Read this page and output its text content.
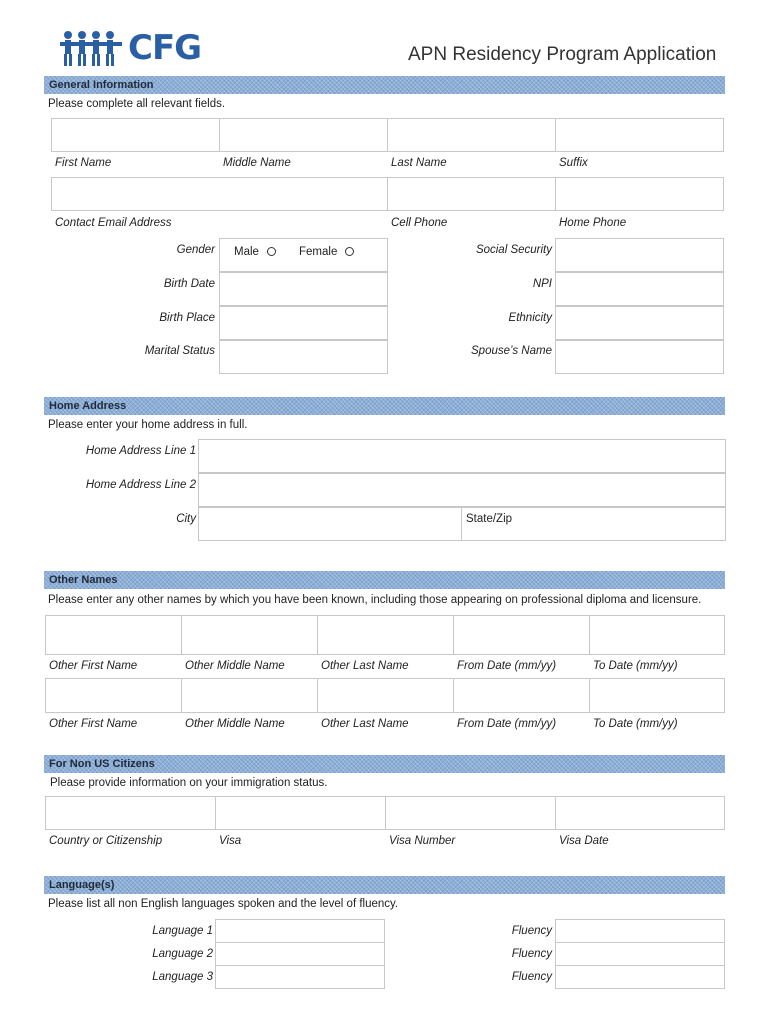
CFG	APN Residency Program Application
General Information
Please complete all relevant fields.
First Name	Middle Name	Last Name	Suffix
Contact Email Address	Cell Phone	Home Phone
Gender Male	Female	Social Security
Birth Date	NPI
Birth Place	Ethnicity
Marital Status	Spouse’s Name
Home Address
Please enter your home address in full.
Home Address Line 1
Home Address Line 2
City	State/Zip
Other Names
Please enter any other names by which you have been known, including those appearing on professional diploma and licensure.
Other First Name	Other Middle Name	Other Last Name	From Date (mm/yy)	To Date (mm/yy)
Other First Name	Other Middle Name	Other Last Name	From Date (mm/yy)	To Date (mm/yy)
For Non US Citizens
Please provide information on your immigration status.
Country or Citizenship	Visa	Visa Number	Visa Date
Language(s)
Please list all non English languages spoken and the level of fluency.
Language 1	Fluency
Language 2	Fluency
Language 3	Fluency
